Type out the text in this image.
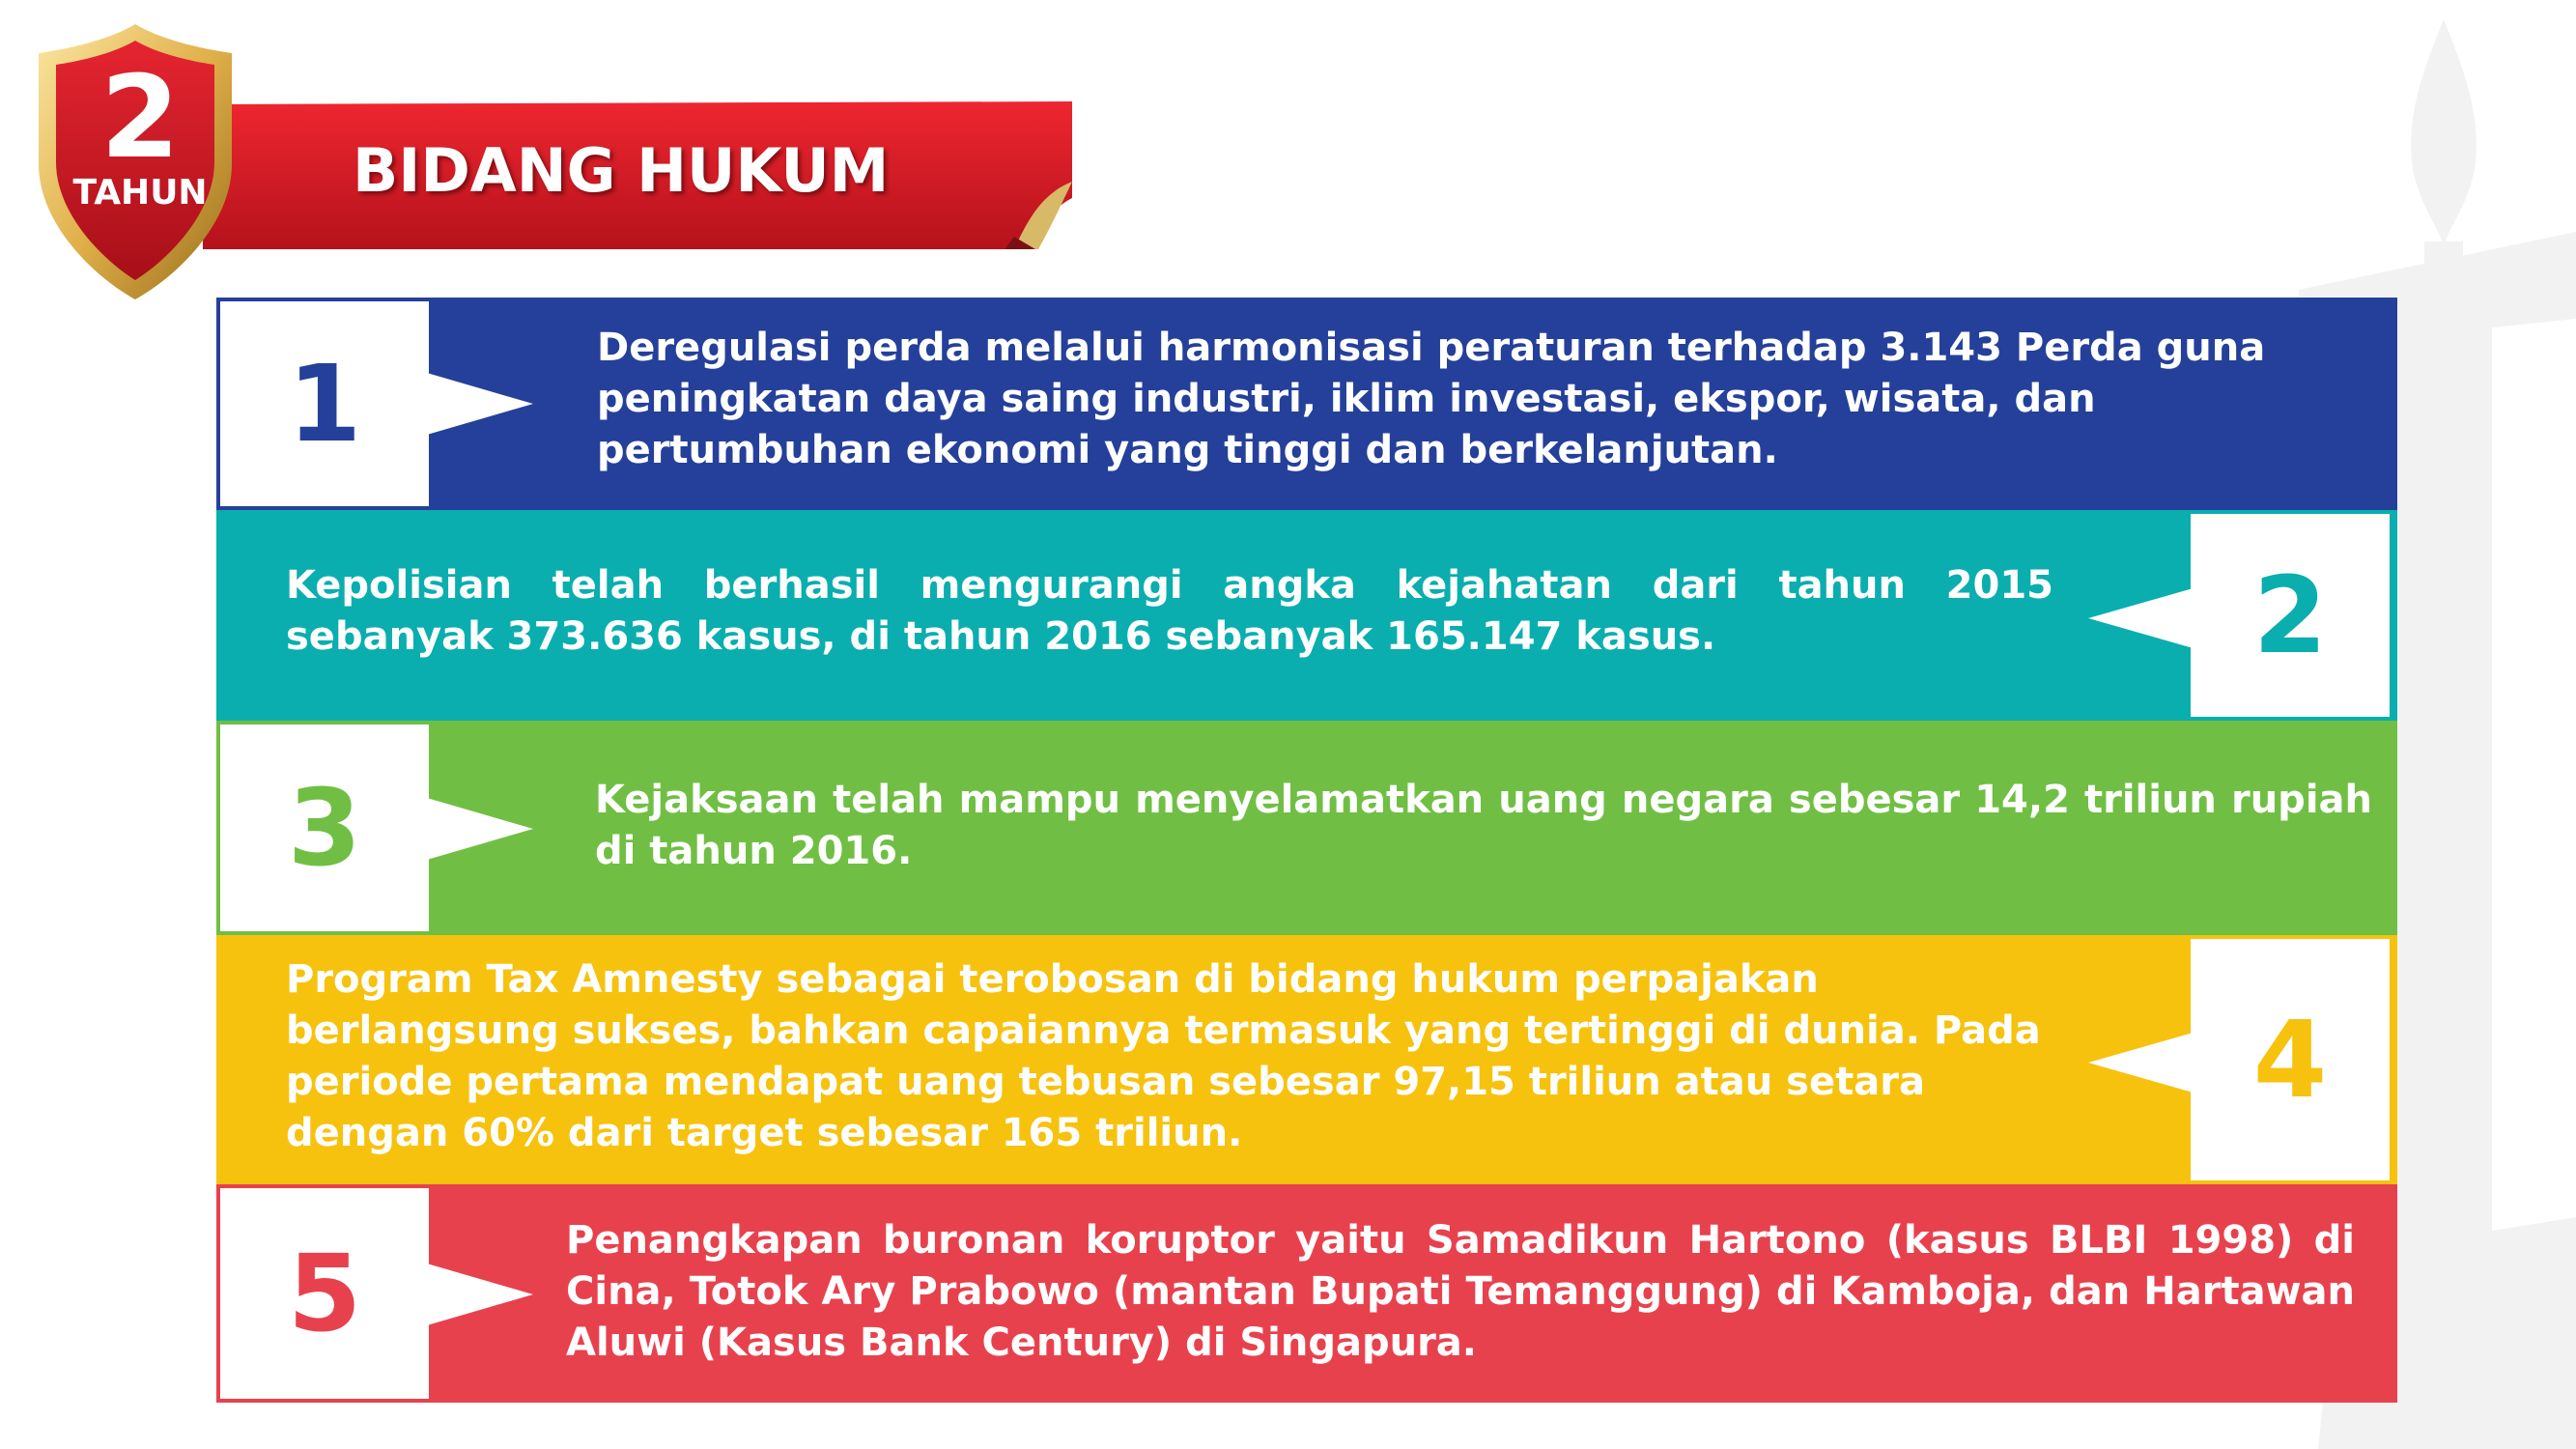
2
TAHUN	BIDANG HUKUM
1	Deregulasi perda melalui harmonisasi peraturan terhadap 3.143 Perda guna peningkatan daya saing industri, iklim investasi, ekspor, wisata, dan pertumbuhan ekonomi yang tinggi dan berkelanjutan.
2
Kepolisian telah berhasil mengurangi angka kejahatan dari tahun 2015 sebanyak 373.636 kasus, di tahun 2016 sebanyak 165.147 kasus.
3	Kejaksaan telah mampu menyelamatkan uang negara sebesar 14,2 triliun rupiah di tahun 2016.
4
Program Tax Amnesty sebagai terobosan di bidang hukum perpajakan berlangsung sukses, bahkan capaiannya termasuk yang tertinggi di dunia. Pada periode pertama mendapat uang tebusan sebesar 97,15 triliun atau setara dengan 60% dari target sebesar 165 triliun.
5	Penangkapan buronan koruptor yaitu Samadikun Hartono (kasus BLBI 1998) di Cina, Totok Ary Prabowo (mantan Bupati Temanggung) di Kamboja, dan Hartawan Aluwi (Kasus Bank Century) di Singapura.
